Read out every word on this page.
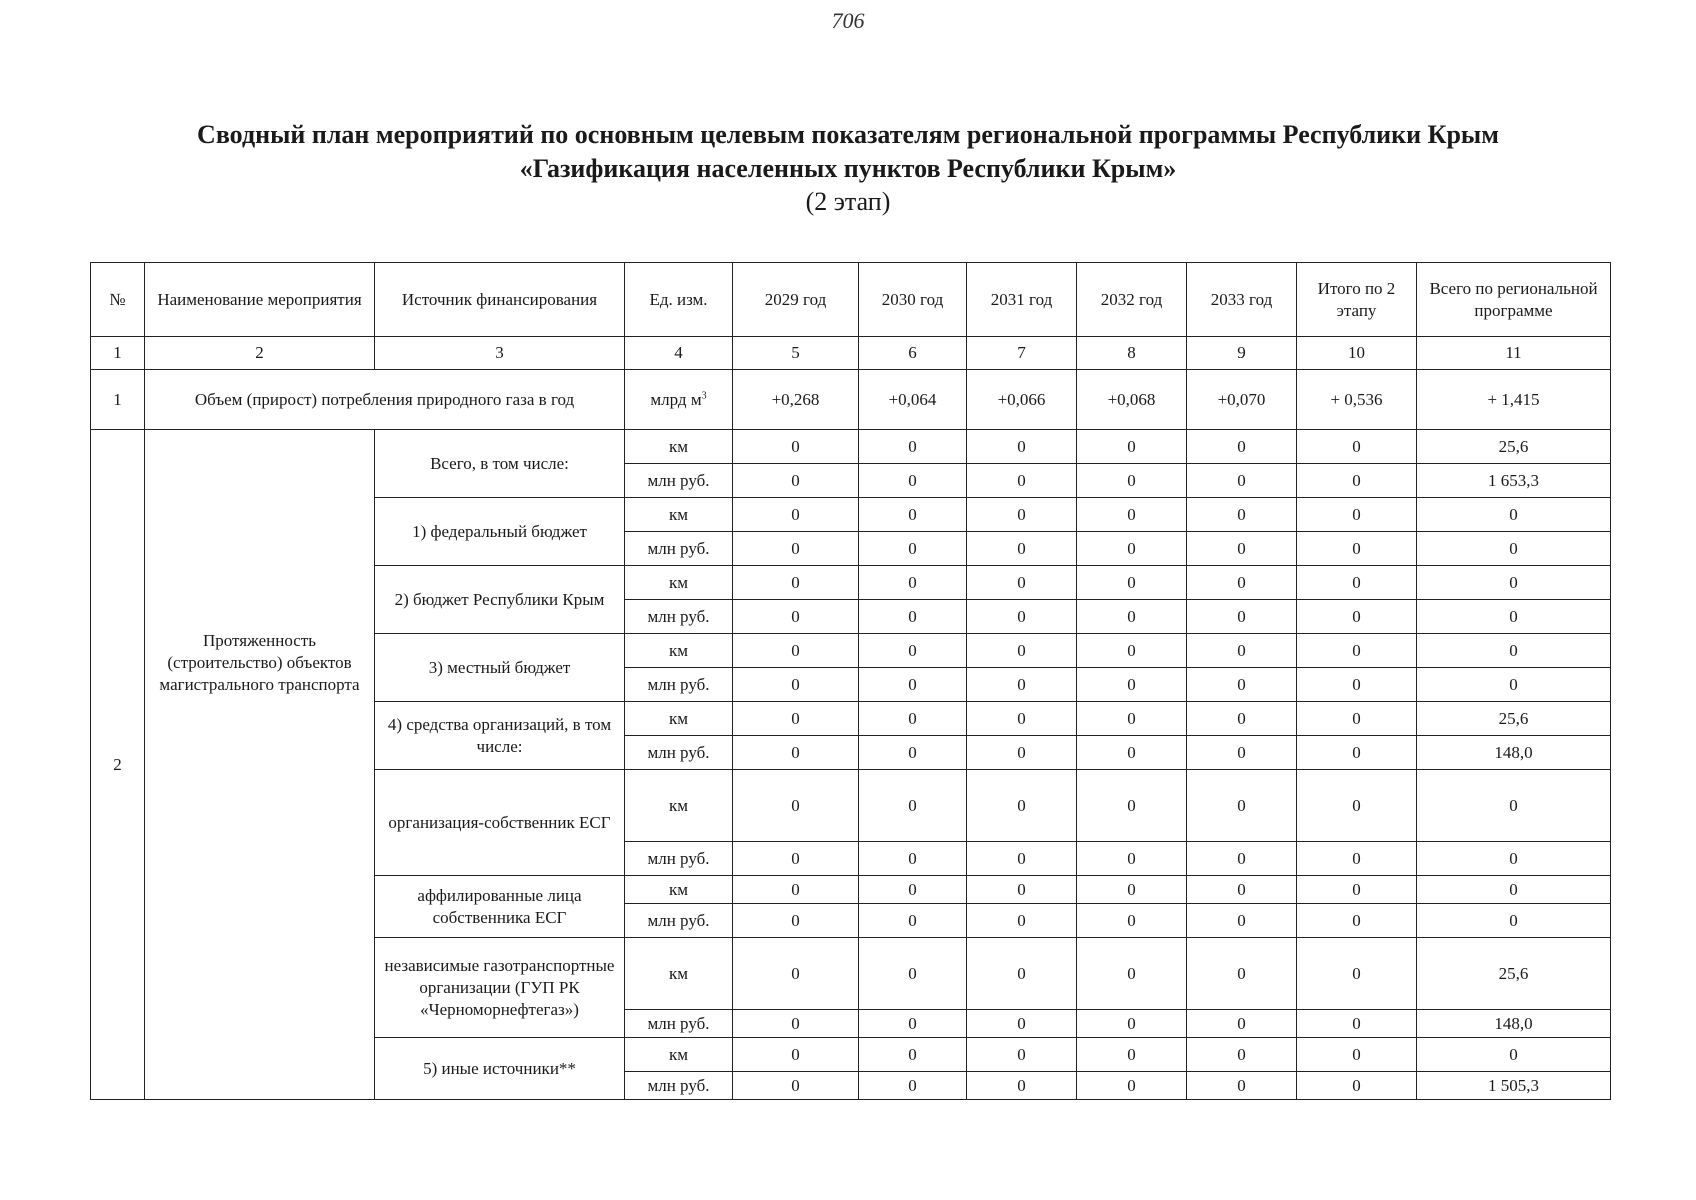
706
Сводный план мероприятий по основным целевым показателям региональной программы Республики Крым
«Газификация населенных пунктов Республики Крым»
(2 этап)
№	Наименование мероприятия	Источник финансирования	Ед. изм.	2029 год	2030 год	2031 год	2032 год	2033 год	Итого по 2 этапу	Всего по региональной программе
1	2	3	4	5	6	7	8	9	10	11
1	Объем (прирост) потребления природного газа в год		млрд $м^3$	+0,268	+0,064	+0,066	+0,068	+0,070	+ 0,536	+ 1,415
2	Протяженность (строительство) объектов магистрального транспорта	Всего, в том числе:	км	0	0	0	0	0	0	25,6
			млн руб.	0	0	0	0	0	0	1 653,3
		1) федеральный бюджет	км	0	0	0	0	0	0	0
			млн руб.	0	0	0	0	0	0	0
		2) бюджет Республики Крым	км	0	0	0	0	0	0	0
			млн руб.	0	0	0	0	0	0	0
		3) местный бюджет	км	0	0	0	0	0	0	0
			млн руб.	0	0	0	0	0	0	0
		4) средства организаций, в том числе:	км	0	0	0	0	0	0	25,6
			млн руб.	0	0	0	0	0	0	148,0
		организация-собственник ЕСГ	км	0	0	0	0	0	0	0
			млн руб.	0	0	0	0	0	0	0
		аффилированные лица собственника ЕСГ	км	0	0	0	0	0	0	0
			млн руб.	0	0	0	0	0	0	0
		независимые газотранспортные организации (ГУП РК «Черноморнефтегаз»)	км	0	0	0	0	0	0	25,6
			млн руб.	0	0	0	0	0	0	148,0
		5) иные источники**	км	0	0	0	0	0	0	0
			млн руб.	0	0	0	0	0	0	1 505,3
